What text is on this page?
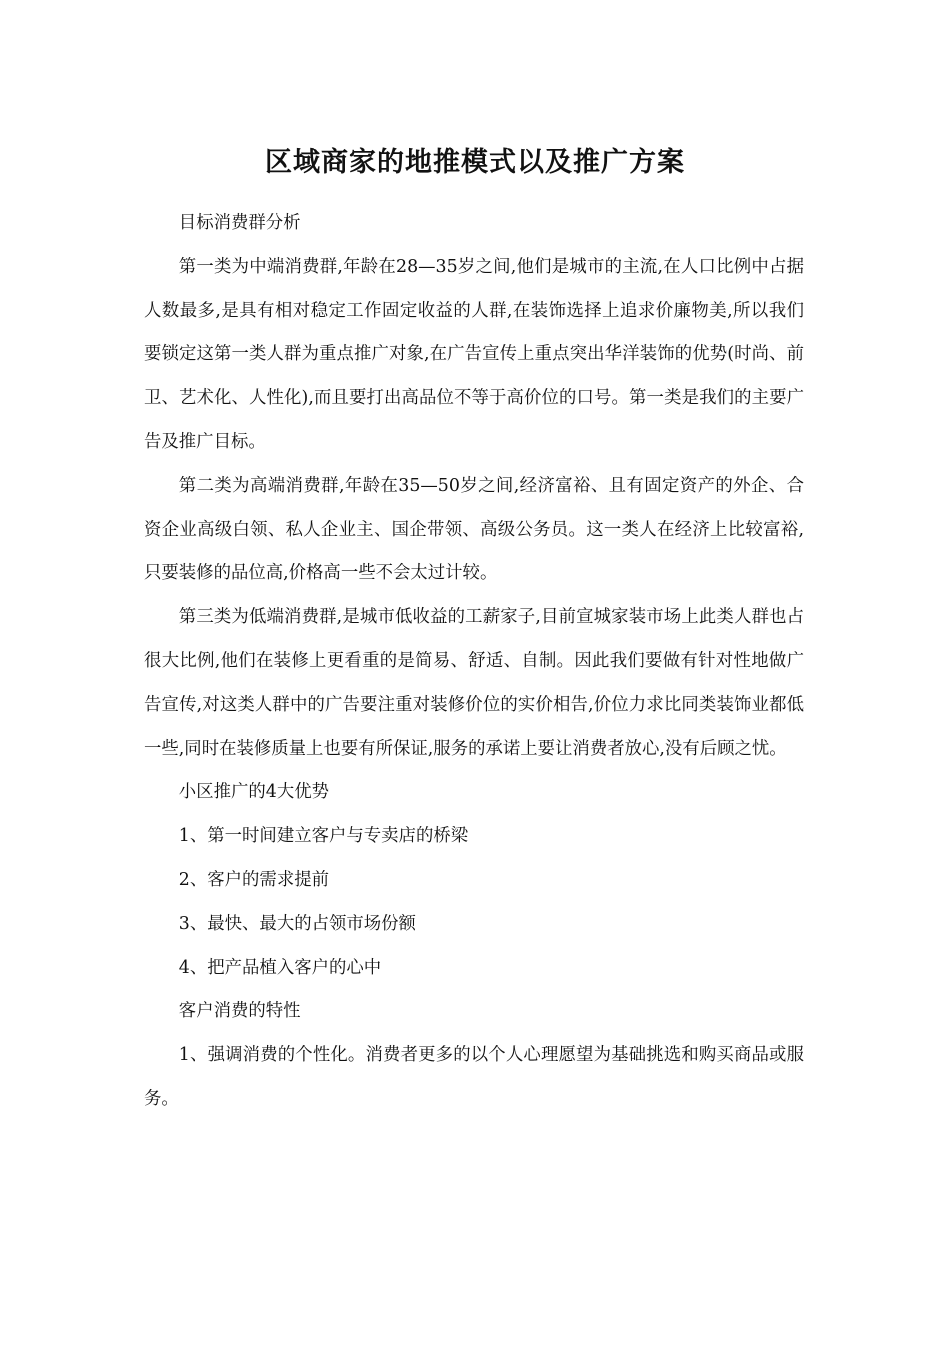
区域商家的地推模式以及推广方案

目标消费群分析

第一类为中端消费群,年龄在28—35岁之间,他们是城市的主流,在人口比例中占据人数最多,是具有相对稳定工作固定收益的人群,在装饰选择上追求价廉物美,所以我们要锁定这第一类人群为重点推广对象,在广告宣传上重点突出华洋装饰的优势(时尚、前卫、艺术化、人性化),而且要打出高品位不等于高价位的口号。第一类是我们的主要广告及推广目标。

第二类为高端消费群,年龄在35—50岁之间,经济富裕、且有固定资产的外企、合资企业高级白领、私人企业主、国企带领、高级公务员。这一类人在经济上比较富裕,只要装修的品位高,价格高一些不会太过计较。

第三类为低端消费群,是城市低收益的工薪家子,目前宣城家装市场上此类人群也占很大比例,他们在装修上更看重的是简易、舒适、自制。因此我们要做有针对性地做广告宣传,对这类人群中的广告要注重对装修价位的实价相告,价位力求比同类装饰业都低一些,同时在装修质量上也要有所保证,服务的承诺上要让消费者放心,没有后顾之忧。

小区推广的4大优势

1、第一时间建立客户与专卖店的桥梁

2、客户的需求提前

3、最快、最大的占领市场份额

4、把产品植入客户的心中

客户消费的特性

1、强调消费的个性化。消费者更多的以个人心理愿望为基础挑选和购买商品或服务。
